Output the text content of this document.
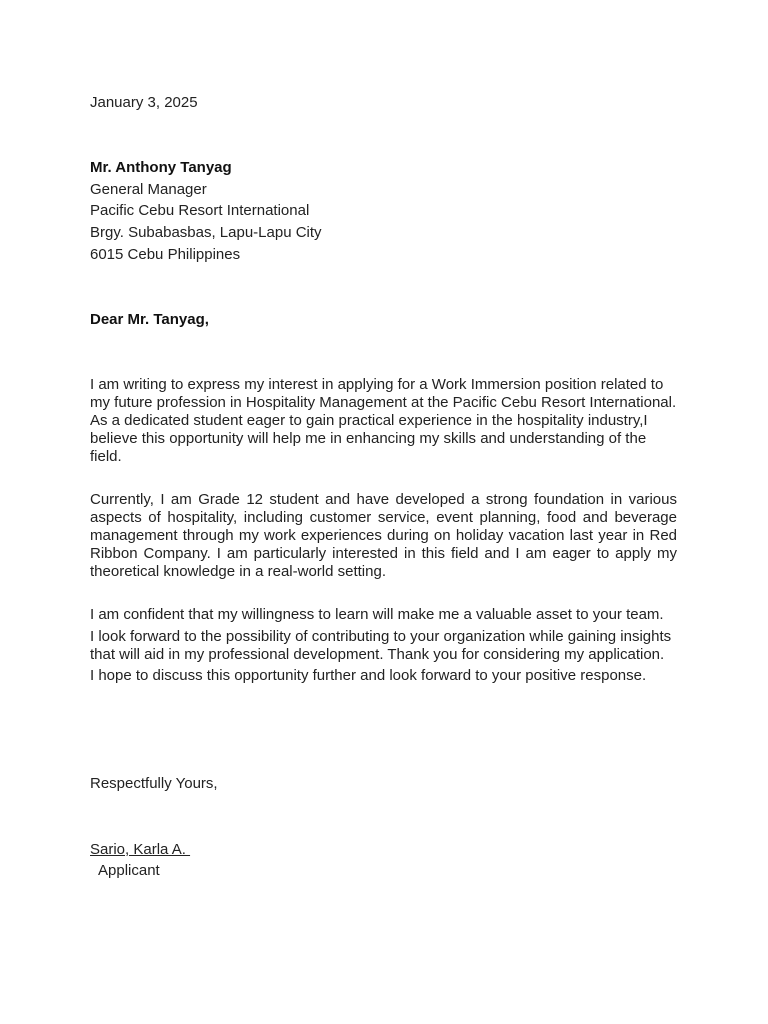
January 3, 2025
Mr. Anthony Tanyag
General Manager
Pacific Cebu Resort International
Brgy. Subabasbas, Lapu-Lapu City
6015 Cebu Philippines
Dear Mr. Tanyag,
I am writing to express my interest in applying for a Work Immersion position related to my future profession in Hospitality Management at the Pacific Cebu Resort International. As a dedicated student eager to gain practical experience in the hospitality industry,I believe this opportunity will help me in enhancing my skills and understanding of the field.
Currently, I am Grade 12 student and have developed a strong foundation in various aspects of hospitality, including customer service, event planning, food and beverage management through my work experiences during on holiday vacation last year in Red Ribbon Company. I am particularly interested in this field and I am eager to apply my theoretical knowledge in a real-world setting.
I am confident that my willingness to learn will make me a valuable asset to your team.
I look forward to the possibility of contributing to your organization while gaining insights that will aid in my professional development. Thank you for considering my application.
I hope to discuss this opportunity further and look forward to your positive response.
Respectfully Yours,
Sario, Karla A.
Applicant
